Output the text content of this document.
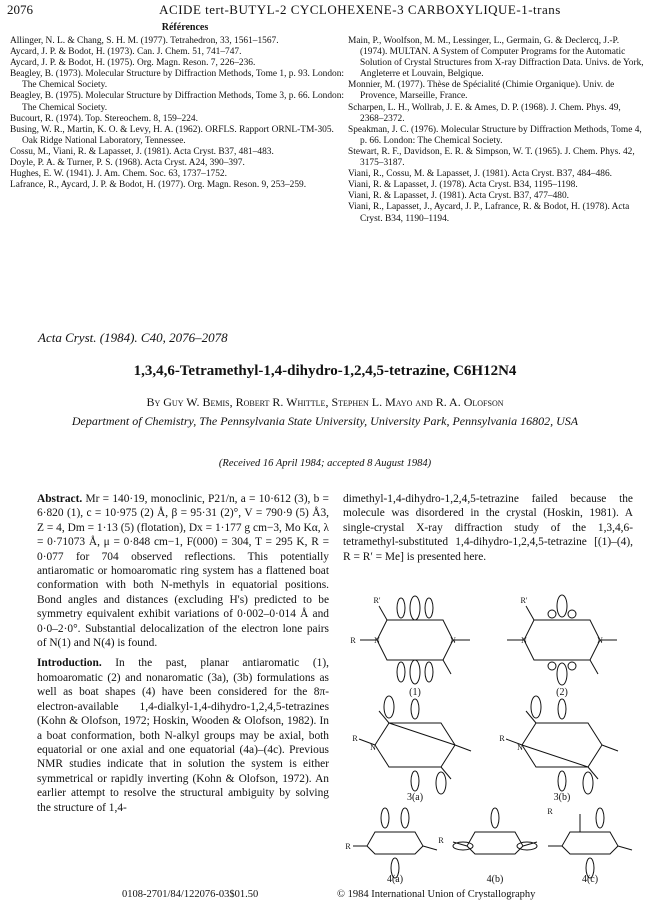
2076	ACIDE tert-BUTYL-2 CYCLOHEXENE-3 CARBOXYLIQUE-1-trans
Références
Allinger, N. L. & Chang, S. H. M. (1977). Tetrahedron, 33, 1561–1567.
Aycard, J. P. & Bodot, H. (1973). Can. J. Chem. 51, 741–747.
Aycard, J. P. & Bodot, H. (1975). Org. Magn. Reson. 7, 226–236.
Beagley, B. (1973). Molecular Structure by Diffraction Methods, Tome 1, p. 93. London: The Chemical Society.
Beagley, B. (1975). Molecular Structure by Diffraction Methods, Tome 3, p. 66. London: The Chemical Society.
Bucourt, R. (1974). Top. Stereochem. 8, 159–224.
Busing, W. R., Martin, K. O. & Levy, H. A. (1962). ORFLS. Rapport ORNL-TM-305. Oak Ridge National Laboratory, Tennessee.
Cossu, M., Viani, R. & Lapasset, J. (1981). Acta Cryst. B37, 481–483.
Doyle, P. A. & Turner, P. S. (1968). Acta Cryst. A24, 390–397.
Hughes, E. W. (1941). J. Am. Chem. Soc. 63, 1737–1752.
Lafrance, R., Aycard, J. P. & Bodot, H. (1977). Org. Magn. Reson. 9, 253–259.
Main, P., Woolfson, M. M., Lessinger, L., Germain, G. & Declercq, J.-P. (1974). MULTAN. A System of Computer Programs for the Automatic Solution of Crystal Structures from X-ray Diffraction Data. Univs. de York, Angleterre et Louvain, Belgique.
Monnier, M. (1977). Thèse de Spécialité (Chimie Organique). Univ. de Provence, Marseille, France.
Scharpen, L. H., Wollrab, J. E. & Ames, D. P. (1968). J. Chem. Phys. 49, 2368–2372.
Speakman, J. C. (1976). Molecular Structure by Diffraction Methods, Tome 4, p. 66. London: The Chemical Society.
Stewart, R. F., Davidson, E. R. & Simpson, W. T. (1965). J. Chem. Phys. 42, 3175–3187.
Viani, R., Cossu, M. & Lapasset, J. (1981). Acta Cryst. B37, 484–486.
Viani, R. & Lapasset, J. (1978). Acta Cryst. B34, 1195–1198.
Viani, R. & Lapasset, J. (1981). Acta Cryst. B37, 477–480.
Viani, R., Lapasset, J., Aycard, J. P., Lafrance, R. & Bodot, H. (1978). Acta Cryst. B34, 1190–1194.
Acta Cryst. (1984). C40, 2076–2078
1,3,4,6-Tetramethyl-1,4-dihydro-1,2,4,5-tetrazine, C6H12N4
By Guy W. Bemis, Robert R. Whittle, Stephen L. Mayo and R. A. Olofson
Department of Chemistry, The Pennsylvania State University, University Park, Pennsylvania 16802, USA
(Received 16 April 1984; accepted 8 August 1984)

Abstract. Mr = 140·19, monoclinic, P21/n, a = 10·612 (3), b = 6·820 (1), c = 10·975 (2) Å, β = 95·31 (2)°, V = 790·9 (5) Å3, Z = 4, Dm = 1·13 (5) (flotation), Dx = 1·177 g cm−3, Mo Kα, λ = 0·71073 Å, μ = 0·848 cm−1, F(000) = 304, T = 295 K, R = 0·077 for 704 observed reflections. This potentially antiaromatic or homoaromatic ring system has a flattened boat conformation with both N-methyls in equatorial positions. Bond angles and distances (excluding H's) predicted to be symmetry equivalent exhibit variations of 0·002–0·014 Å and 0·0–2·0°. Substantial delocalization of the electron lone pairs of N(1) and N(4) is found.

Introduction. In the past, planar antiaromatic (1), homoaromatic (2) and nonaromatic (3a), (3b) formulations as well as boat shapes (4) have been considered for the 8π-electron-available 1,4-dialkyl-1,4-dihydro-1,2,4,5-tetrazines (Kohn & Olofson, 1972; Hoskin, Wooden & Olofson, 1982). In a boat conformation, both N-alkyl groups may be axial, both equatorial or one axial and one equatorial (4a)–(4c). Previous NMR studies indicate that in solution the system is either symmetrical or rapidly inverting (Kohn & Olofson, 1972). An earlier attempt to resolve the structural ambiguity by solving the structure of 1,4-

dimethyl-1,4-dihydro-1,2,4,5-tetrazine failed because the molecule was disordered in the crystal (Hoskin, 1981). A single-crystal X-ray diffraction study of the 1,3,4,6-tetramethyl-substituted 1,4-dihydro-1,2,4,5-tetrazine [(1)–(4), R = R′ = Me] is presented here.

(1)	(2)
3(a)	3(b)
4(a)	4(b)	4(c)
N	N
R
R′
N	N
R′
N
R
N
R
R
R
R
0108-2701/84/122076-03$01.50	© 1984 International Union of Crystallography
